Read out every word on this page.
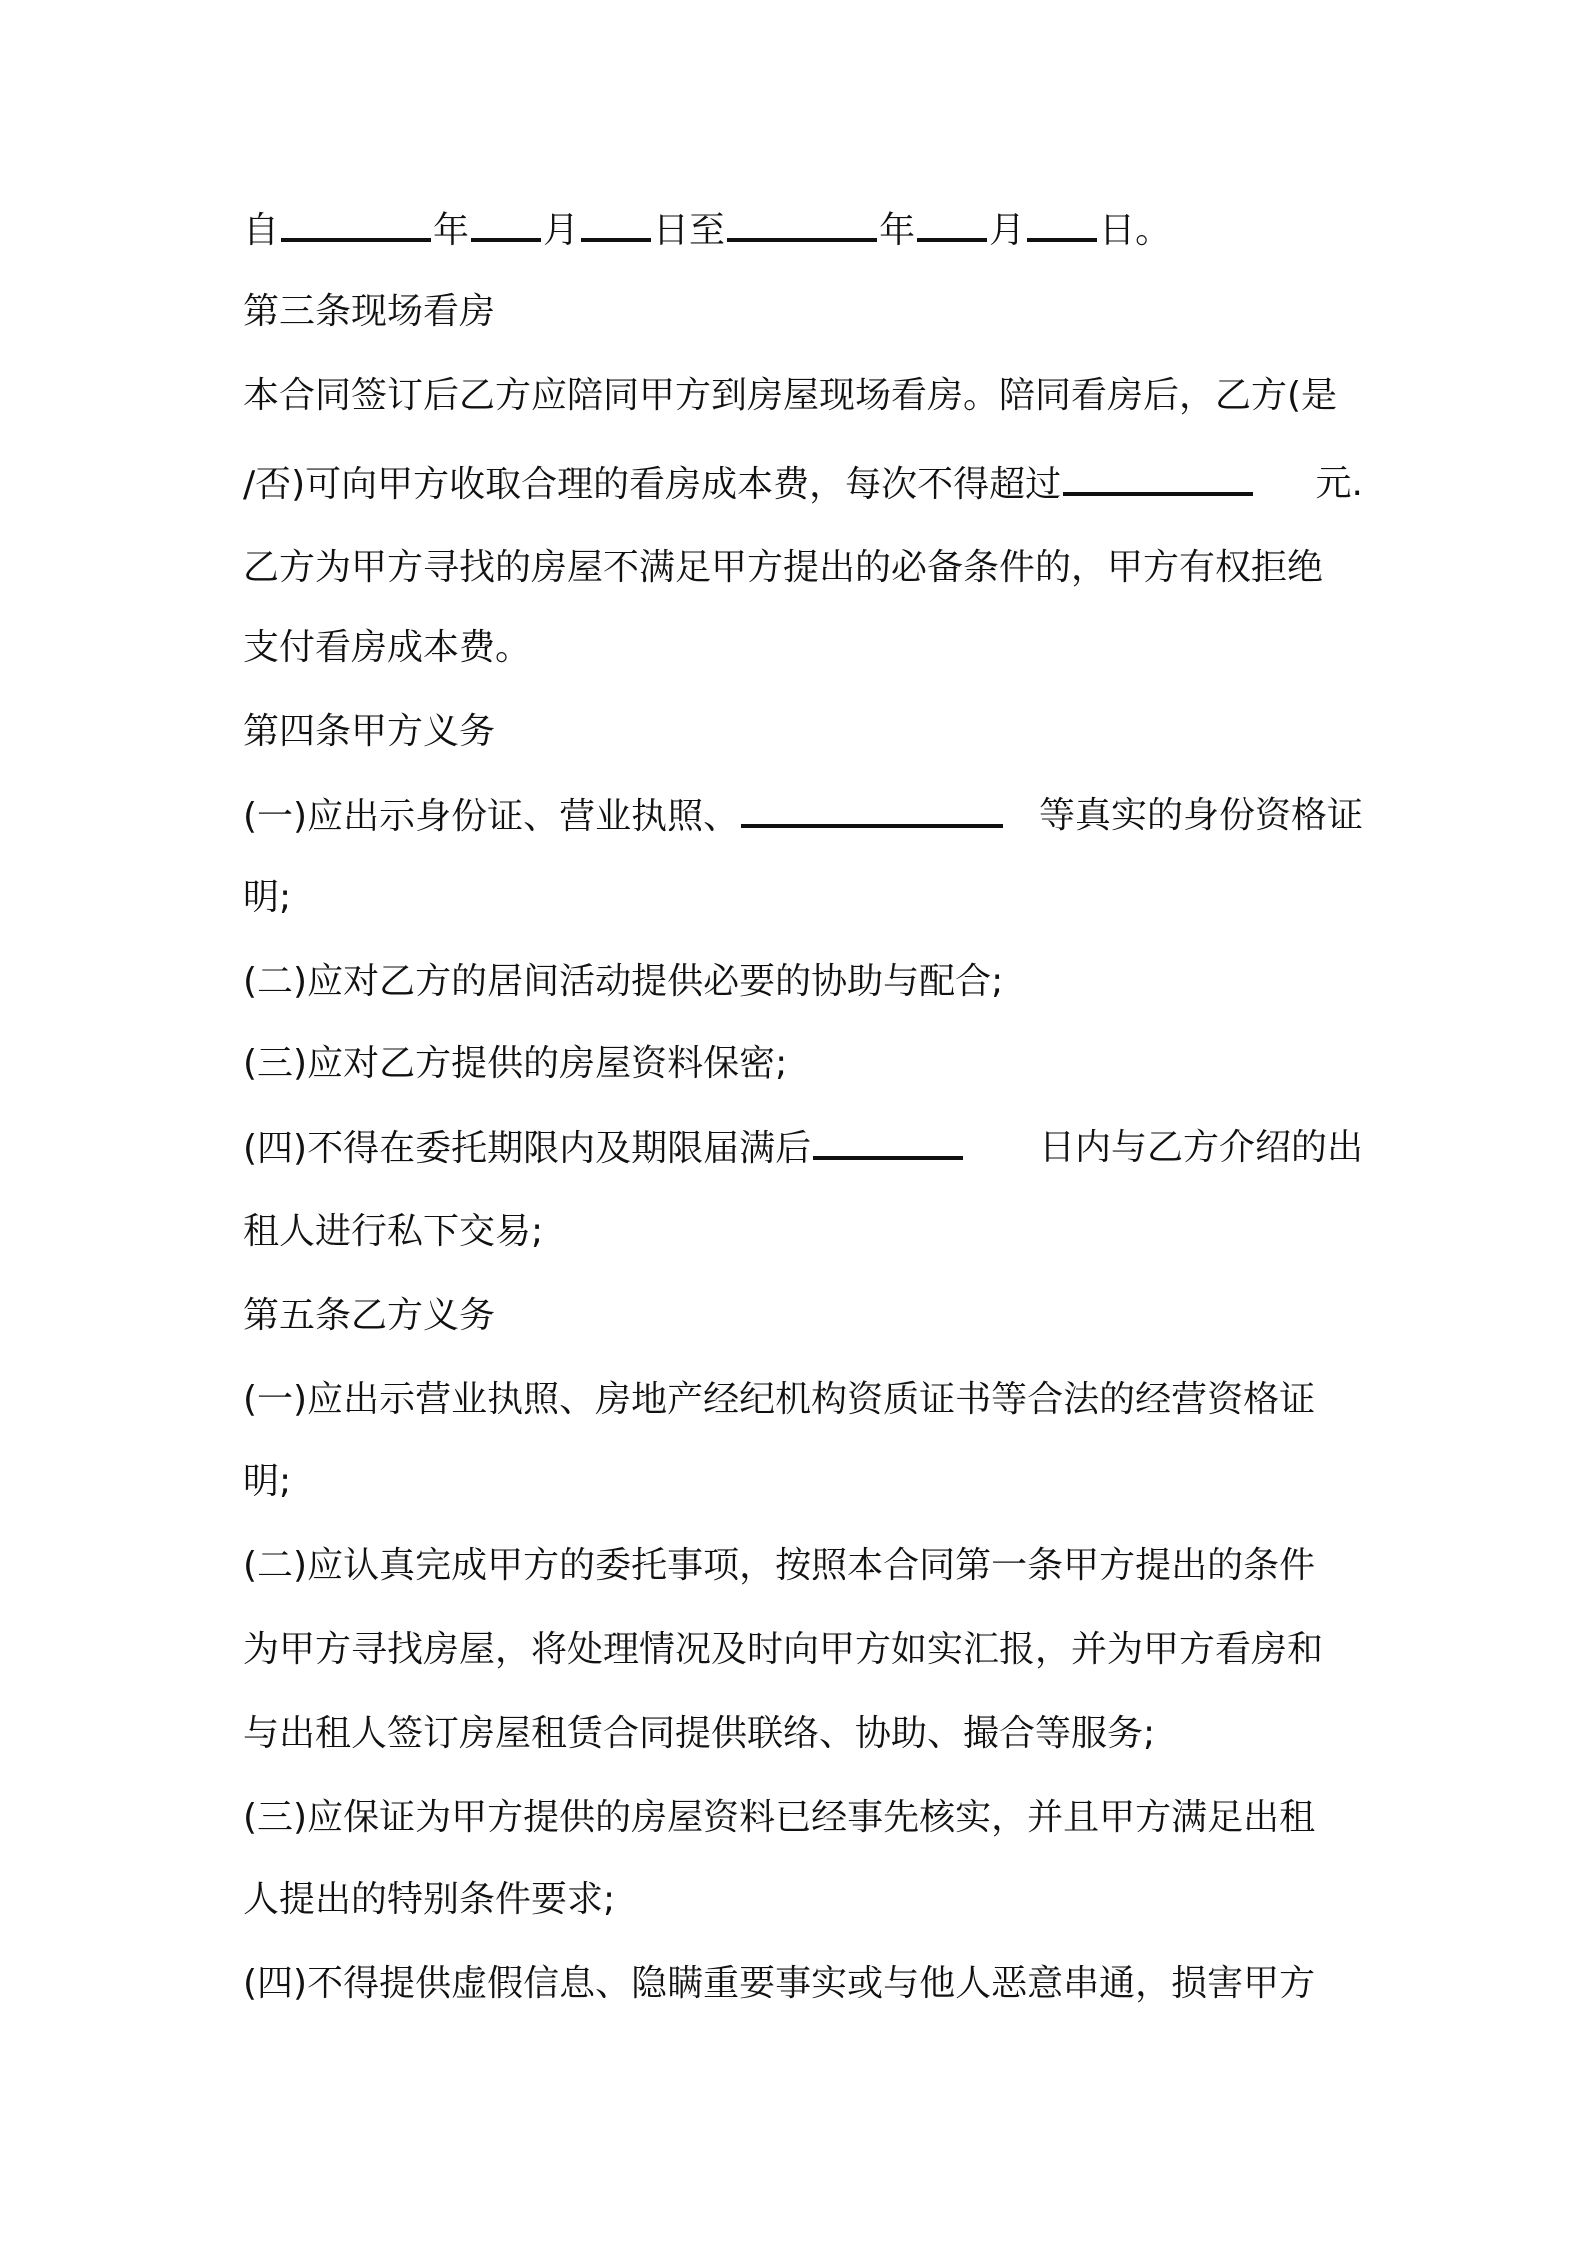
自	年 月 日至	年 月 日。
第三条现场看房
本合同签订后乙方应陪同甲方到房屋现场看房。陪同看房后，乙方(是
/否)可向甲方收取合理的看房成本费，每次不得超过	元.
乙方为甲方寻找的房屋不满足甲方提出的必备条件的，甲方有权拒绝
支付看房成本费。
第四条甲方义务
(一)应出示身份证、营业执照、	等真实的身份资格证
明;
(二)应对乙方的居间活动提供必要的协助与配合;
(三)应对乙方提供的房屋资料保密;
(四)不得在委托期限内及期限届满后	日内与乙方介绍的出
租人进行私下交易;
第五条乙方义务
(一)应出示营业执照、房地产经纪机构资质证书等合法的经营资格证
明;
(二)应认真完成甲方的委托事项，按照本合同第一条甲方提出的条件
为甲方寻找房屋，将处理情况及时向甲方如实汇报，并为甲方看房和
与出租人签订房屋租赁合同提供联络、协助、撮合等服务;
(三)应保证为甲方提供的房屋资料已经事先核实，并且甲方满足出租
人提出的特别条件要求;
(四)不得提供虚假信息、隐瞒重要事实或与他人恶意串通，损害甲方
